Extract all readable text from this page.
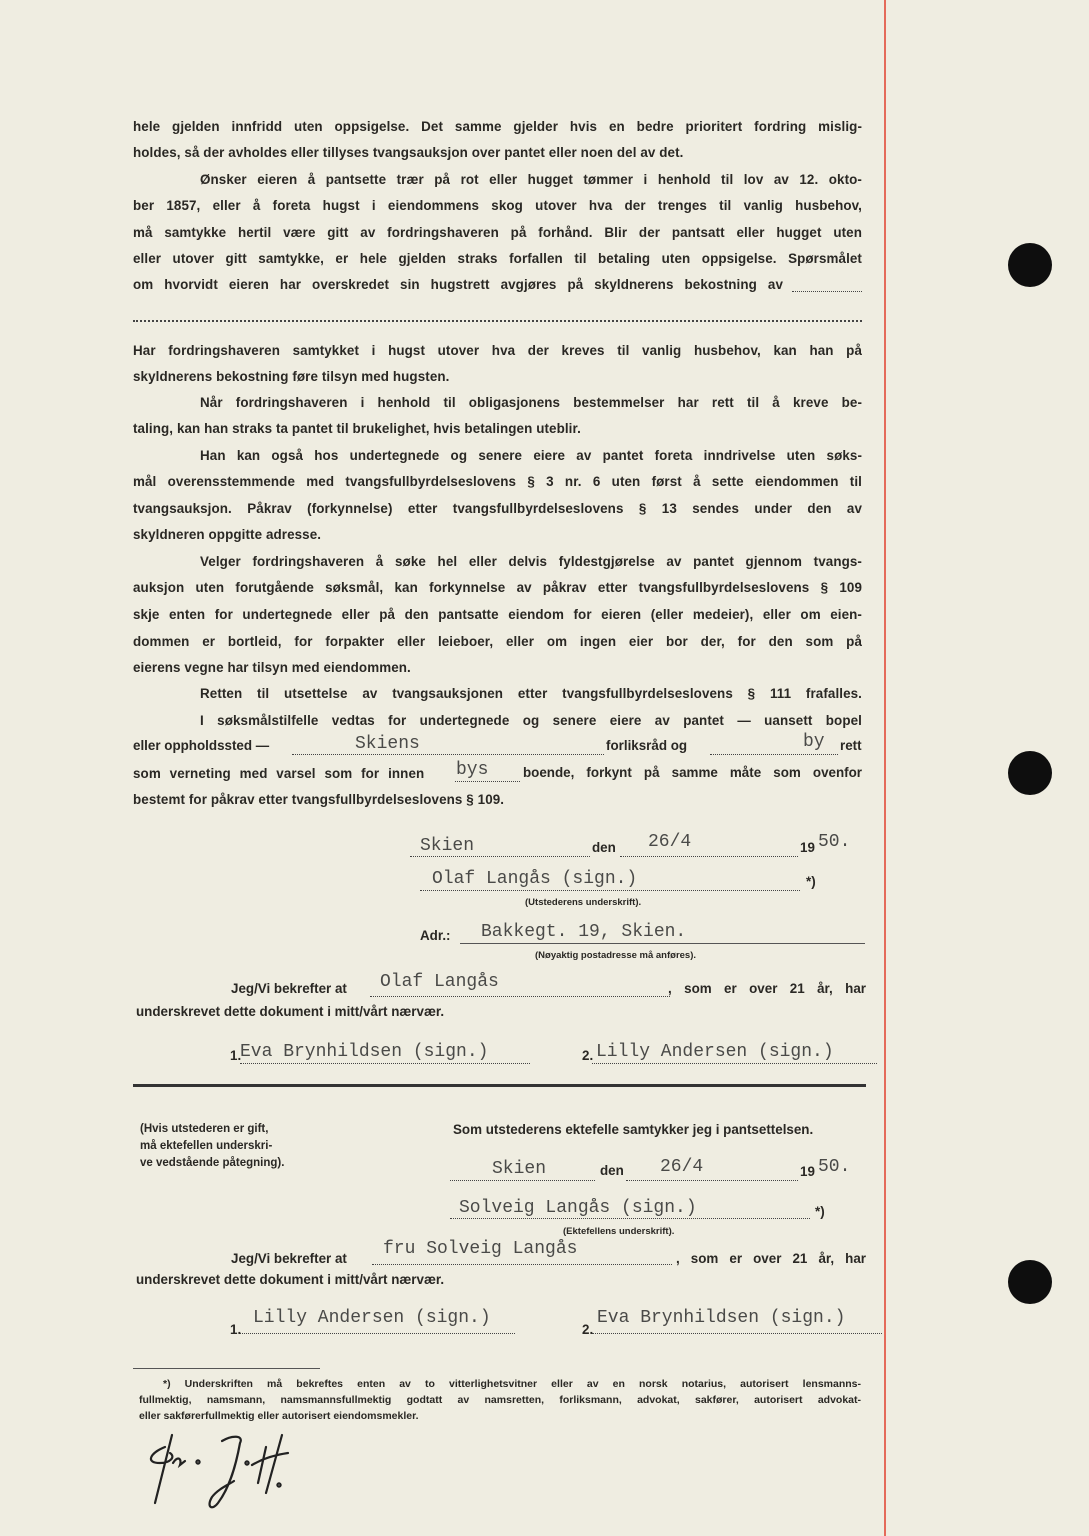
hele gjelden innfridd uten oppsigelse. Det samme gjelder hvis en bedre prioritert fordring mislig-
holdes, så der avholdes eller tillyses tvangsauksjon over pantet eller noen del av det.
Ønsker eieren å pantsette trær på rot eller hugget tømmer i henhold til lov av 12. okto-
ber 1857, eller å foreta hugst i eiendommens skog utover hva der trenges til vanlig husbehov,
må samtykke hertil være gitt av fordringshaveren på forhånd. Blir der pantsatt eller hugget uten
eller utover gitt samtykke, er hele gjelden straks forfallen til betaling uten oppsigelse. Spørsmålet
om hvorvidt eieren har overskredet sin hugstrett avgjøres på skyldnerens bekostning av
Har fordringshaveren samtykket i hugst utover hva der kreves til vanlig husbehov, kan han på
skyldnerens bekostning føre tilsyn med hugsten.
Når fordringshaveren i henhold til obligasjonens bestemmelser har rett til å kreve be-
taling, kan han straks ta pantet til brukelighet, hvis betalingen uteblir.
Han kan også hos undertegnede og senere eiere av pantet foreta inndrivelse uten søks-
mål overensstemmende med tvangsfullbyrdelseslovens § 3 nr. 6 uten først å sette eiendommen til
tvangsauksjon. Påkrav (forkynnelse) etter tvangsfullbyrdelseslovens § 13 sendes under den av
skyldneren oppgitte adresse.
Velger fordringshaveren å søke hel eller delvis fyldestgjørelse av pantet gjennom tvangs-
auksjon uten forutgående søksmål, kan forkynnelse av påkrav etter tvangsfullbyrdelseslovens § 109
skje enten for undertegnede eller på den pantsatte eiendom for eieren (eller medeier), eller om eien-
dommen er bortleid, for forpakter eller leieboer, eller om ingen eier bor der, for den som på
eierens vegne har tilsyn med eiendommen.
Retten til utsettelse av tvangsauksjonen etter tvangsfullbyrdelseslovens § 111 frafalles.
I søksmålstilfelle vedtas for undertegnede og senere eiere av pantet — uansett bopel
eller oppholdssted —	Skiens	forliksråd og	by rett
som verneting med varsel som for innen	bys	boende, forkynt på samme måte som ovenfor
bestemt for påkrav etter tvangsfullbyrdelseslovens § 109.
Skien	den 26/4	19 50.
Olaf Langås (sign.)	*)
(Utstederens underskrift).
Adr.: Bakkegt. 19, Skien.
(Nøyaktig postadresse må anføres).
Jeg/Vi bekrefter at Olaf Langås	, som er over 21 år, har
underskrevet dette dokument i mitt/vårt nærvær.
1.
Eva Brynhildsen (sign.)	2. Lilly Andersen (sign.)
(Hvis utstederen er gift,
må ektefellen underskri-
ve vedstående påtegning).
Som utstederens ektefelle samtykker jeg i pantsettelsen.
Skien	den 26/4	19 50.
Solveig Langås (sign.)	*)
(Ektefellens underskrift).
Jeg/Vi bekrefter at fru Solveig Langås	, som er over 21 år, har
underskrevet dette dokument i mitt/vårt nærvær.
1.
Lilly Andersen (sign.)
2.
Eva Brynhildsen (sign.)
*) Underskriften må bekreftes enten av to vitterlighetsvitner eller av en norsk notarius, autorisert lensmanns-
fullmektig, namsmann, namsmannsfullmektig godtatt av namsretten, forliksmann, advokat, sakfører, autorisert advokat-
eller sakførerfullmektig eller autorisert eiendomsmekler.
